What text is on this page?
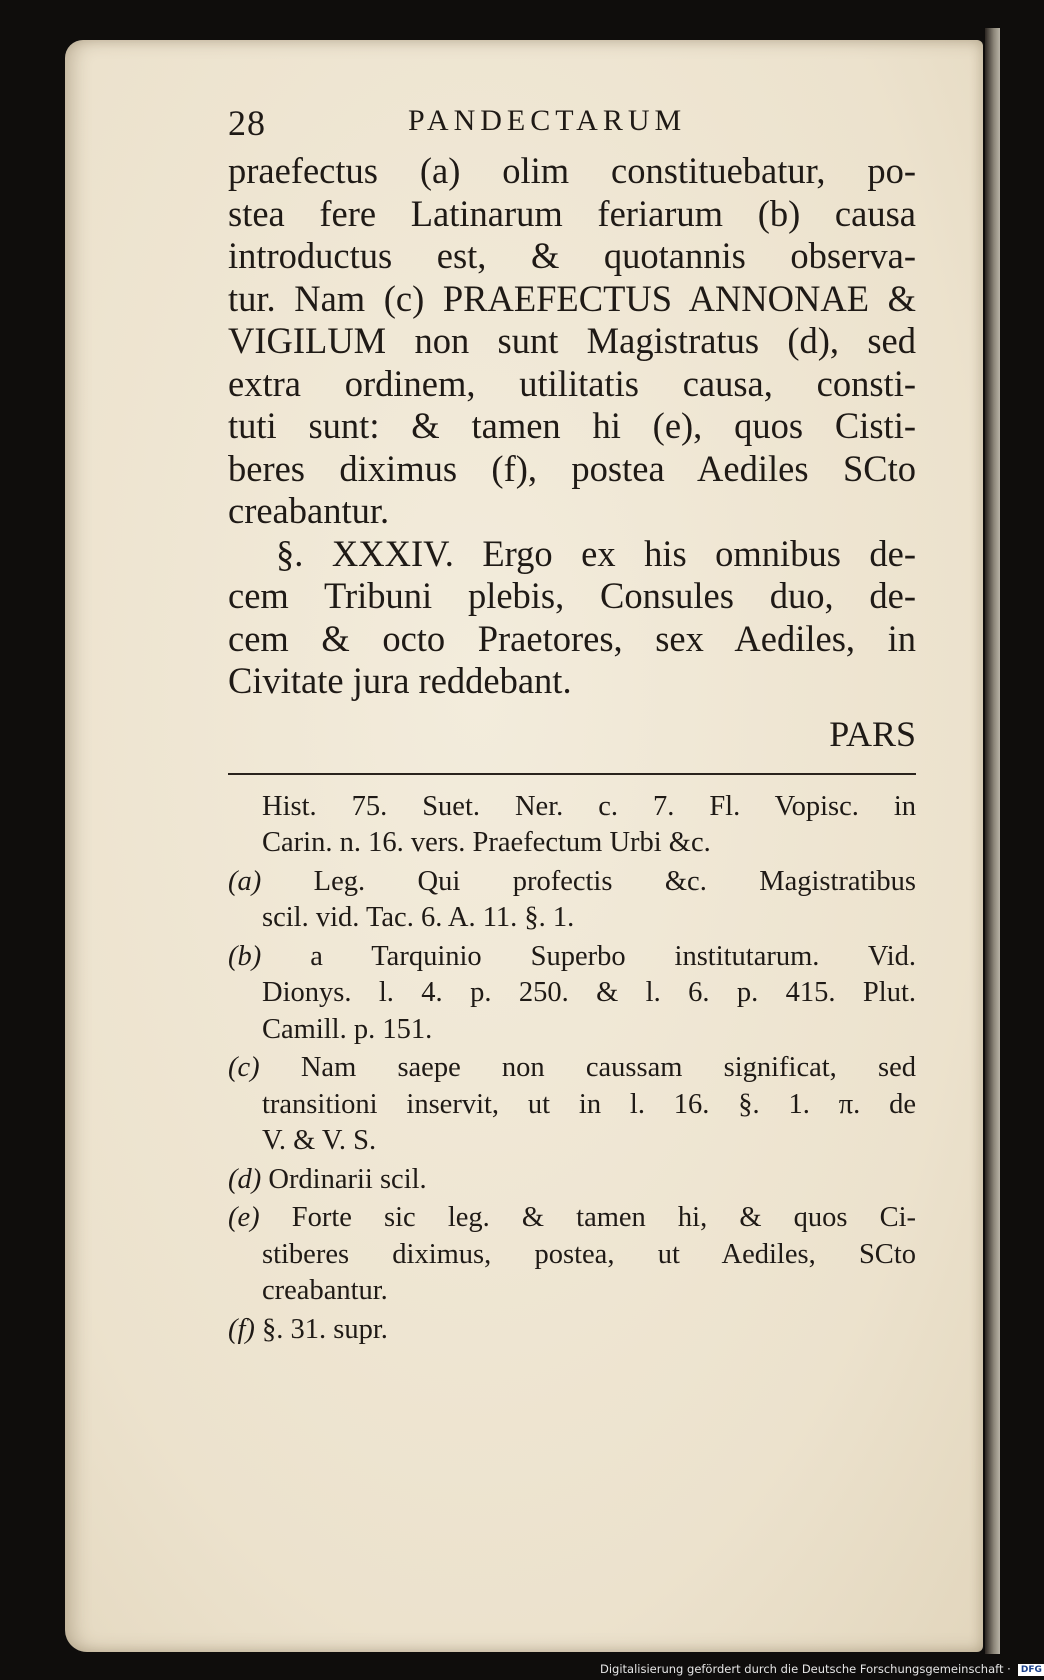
28	PANDECTARUM
praefectus (a) olim constituebatur, po-
stea fere Latinarum feriarum (b) causa
introductus est, & quotannis observa-
tur. Nam (c) PRAEFECTUS ANNONAE &
VIGILUM non sunt Magistratus (d), sed
extra ordinem, utilitatis causa, consti-
tuti sunt: & tamen hi (e), quos Cisti-
beres diximus (f), postea Aediles SCto
creabantur.
§. XXXIV. Ergo ex his omnibus de-
cem Tribuni plebis, Consules duo, de-
cem & octo Praetores, sex Aediles, in
Civitate jura reddebant.
PARS
Hist. 75. Suet. Ner. c. 7. Fl. Vopisc. in
Carin. n. 16. vers. Praefectum Urbi &c.
(a) Leg. Qui profectis &c. Magistratibus
scil. vid. Tac. 6. A. 11. §. 1.
(b) a Tarquinio Superbo institutarum. Vid.
Dionys. l. 4. p. 250. & l. 6. p. 415. Plut.
Camill. p. 151.
(c) Nam saepe non caussam significat, sed
transitioni inservit, ut in l. 16. §. 1. π. de
V. & V. S.
(d) Ordinarii scil.
(e) Forte sic leg. & tamen hi, & quos Ci-
stiberes diximus, postea, ut Aediles, SCto
creabantur.
(f) §. 31. supr.
Digitalisierung gefördert durch die Deutsche Forschungsgemeinschaft · DFG
